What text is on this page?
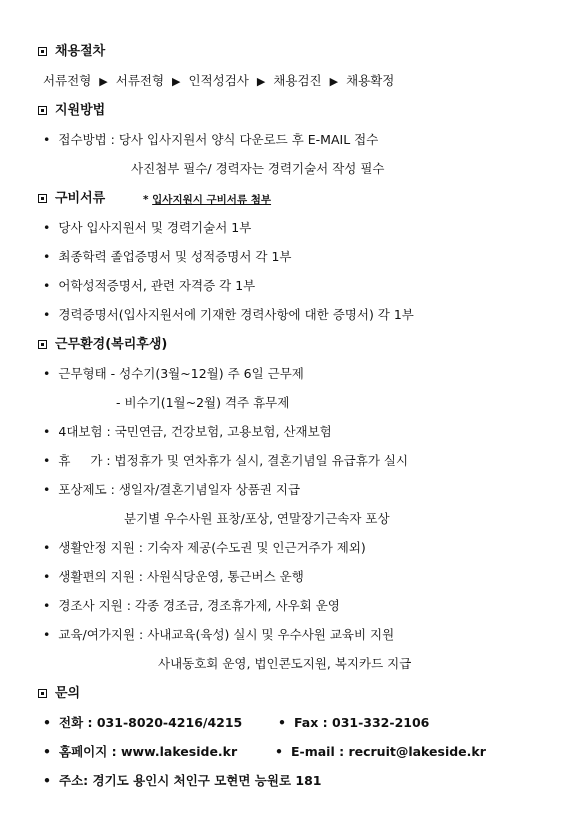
채용절차
서류전형 ▶ 서류전형 ▶ 인적성검사 ▶ 채용검진 ▶ 채용확정
지원방법
• 접수방법 : 당사 입사지원서 양식 다운로드 후 E-MAIL 접수
사진첨부 필수/ 경력자는 경력기술서 작성 필수
구비서류	* 입사지원시 구비서류 첨부
• 당사 입사지원서 및 경력기술서 1부
• 최종학력 졸업증명서 및 성적증명서 각 1부
• 어학성적증명서, 관련 자격증 각 1부
• 경력증명서(입사지원서에 기재한 경력사항에 대한 증명서) 각 1부
근무환경(복리후생)
• 근무형태 - 성수기(3월~12월) 주 6일 근무제
- 비수기(1월~2월) 격주 휴무제
• 4대보험 : 국민연금, 건강보험, 고용보험, 산재보험
• 휴     가 : 법정휴가 및 연차휴가 실시, 결혼기념일 유급휴가 실시
• 포상제도 : 생일자/결혼기념일자 상품권 지급
분기별 우수사원 표창/포상, 연말장기근속자 포상
• 생활안정 지원 : 기숙자 제공(수도권 및 인근거주가 제외)
• 생활편의 지원 : 사원식당운영, 통근버스 운행
• 경조사 지원 : 각종 경조금, 경조휴가제, 사우회 운영
• 교육/여가지원 : 사내교육(육성) 실시 및 우수사원 교육비 지원
사내동호회 운영, 법인콘도지원, 복지카드 지급
문의
• 전화 : 031-8020-4216/4215	• Fax : 031-332-2106
• 홈페이지 : www.lakeside.kr	• E-mail : recruit@lakeside.kr
• 주소: 경기도 용인시 처인구 모현면 능원로 181
